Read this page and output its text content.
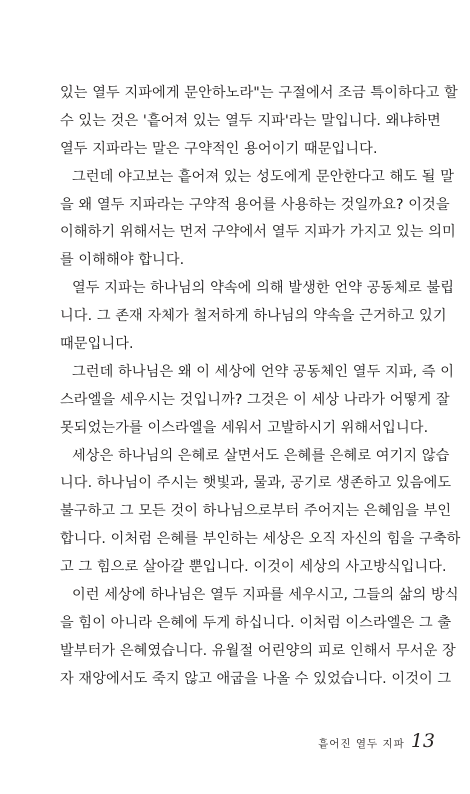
있는 열두 지파에게 문안하노라"는 구절에서 조금 특이하다고 할
수 있는 것은 '흩어져 있는 열두 지파'라는 말입니다. 왜냐하면
열두 지파라는 말은 구약적인 용어이기 때문입니다.
그런데 야고보는 흩어져 있는 성도에게 문안한다고 해도 될 말
을 왜 열두 지파라는 구약적 용어를 사용하는 것일까요? 이것을
이해하기 위해서는 먼저 구약에서 열두 지파가 가지고 있는 의미
를 이해해야 합니다.
열두 지파는 하나님의 약속에 의해 발생한 언약 공동체로 불립
니다. 그 존재 자체가 철저하게 하나님의 약속을 근거하고 있기
때문입니다.
그런데 하나님은 왜 이 세상에 언약 공동체인 열두 지파, 즉 이
스라엘을 세우시는 것입니까? 그것은 이 세상 나라가 어떻게 잘
못되었는가를 이스라엘을 세워서 고발하시기 위해서입니다.
세상은 하나님의 은혜로 살면서도 은혜를 은혜로 여기지 않습
니다. 하나님이 주시는 햇빛과, 물과, 공기로 생존하고 있음에도
불구하고 그 모든 것이 하나님으로부터 주어지는 은혜임을 부인
합니다. 이처럼 은혜를 부인하는 세상은 오직 자신의 힘을 구축하
고 그 힘으로 살아갈 뿐입니다. 이것이 세상의 사고방식입니다.
이런 세상에 하나님은 열두 지파를 세우시고, 그들의 삶의 방식
을 힘이 아니라 은혜에 두게 하십니다. 이처럼 이스라엘은 그 출
발부터가 은혜였습니다. 유월절 어린양의 피로 인해서 무서운 장
자 재앙에서도 죽지 않고 애굽을 나올 수 있었습니다. 이것이 그
흩어진 열두 지파 13
